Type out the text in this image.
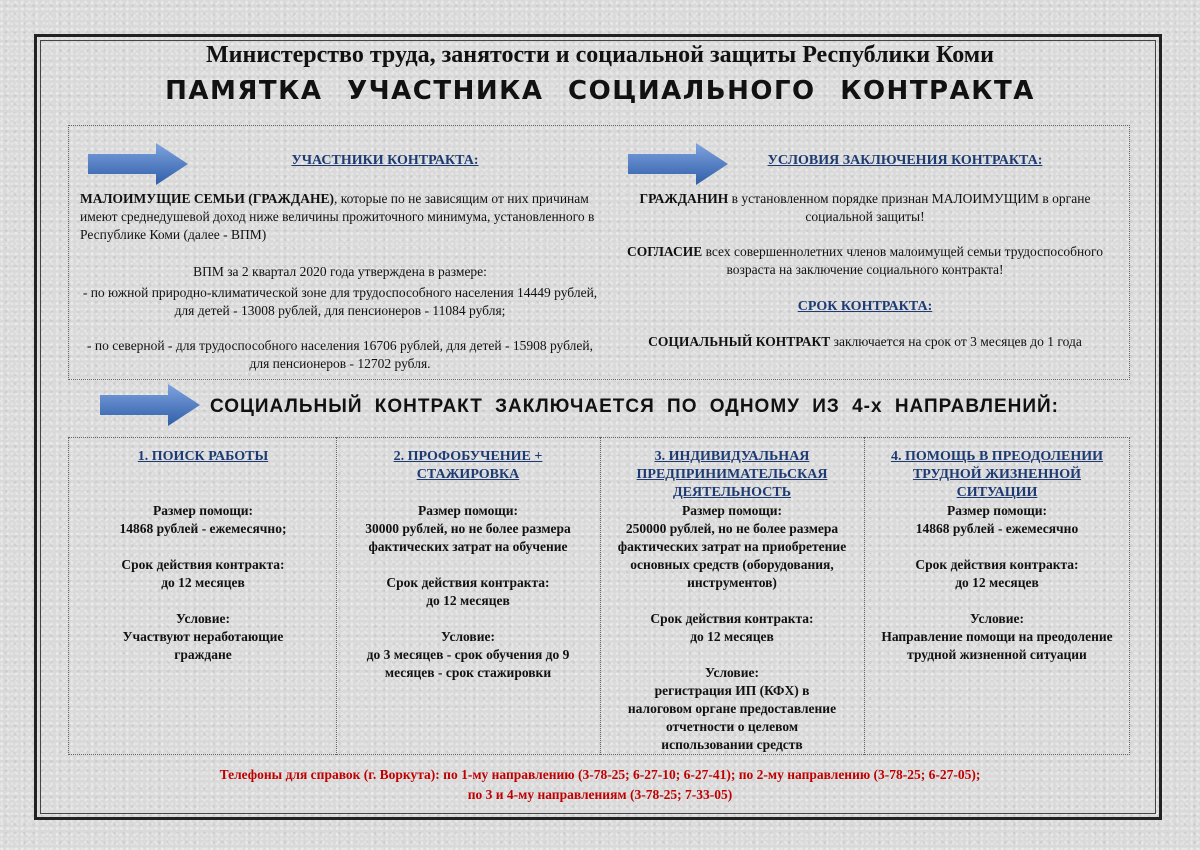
Министерство труда, занятости и социальной защиты Республики Коми
ПАМЯТКА УЧАСТНИКА СОЦИАЛЬНОГО КОНТРАКТА
УЧАСТНИКИ КОНТРАКТА:
МАЛОИМУЩИЕ СЕМЬИ (ГРАЖДАНЕ), которые по не зависящим от них причинам имеют среднедушевой доход ниже величины прожиточного минимума, установленного в Республике Коми (далее - ВПМ)
ВПМ за 2 квартал 2020 года утверждена в размере:
- по южной природно-климатической зоне для трудоспособного населения 14449 рублей, для детей - 13008 рублей, для пенсионеров - 11084 рубля;
- по северной - для трудоспособного населения 16706 рублей, для детей - 15908 рублей, для пенсионеров - 12702 рубля.
УСЛОВИЯ ЗАКЛЮЧЕНИЯ КОНТРАКТА:
ГРАЖДАНИН в установленном порядке признан МАЛОИМУЩИМ в органе социальной защиты!
СОГЛАСИЕ всех совершеннолетних членов малоимущей семьи трудоспособного возраста на заключение социального контракта!
СРОК КОНТРАКТА:
СОЦИАЛЬНЫЙ КОНТРАКТ заключается на срок от 3 месяцев до 1 года
СОЦИАЛЬНЫЙ КОНТРАКТ ЗАКЛЮЧАЕТСЯ ПО ОДНОМУ ИЗ 4-х НАПРАВЛЕНИЙ:
1. ПОИСК РАБОТЫ
Размер помощи:

14868 рублей - ежемесячно;

Срок действия контракта:

до 12 месяцев

Условие:

Участвуют неработающие граждане

2. ПРОФОБУЧЕНИЕ + СТАЖИРОВКА
Размер помощи:

30000 рублей, но не более размера фактических затрат на обучение

Срок действия контракта:

до 12 месяцев

Условие:

до 3 месяцев - срок обучения до 9 месяцев - срок стажировки

3. ИНДИВИДУАЛЬНАЯ ПРЕДПРИНИМАТЕЛЬСКАЯ ДЕЯТЕЛЬНОСТЬ
Размер помощи:

250000 рублей, но не более размера фактических затрат на приобретение основных средств (оборудования, инструментов)

Срок действия контракта:

до 12 месяцев

Условие:

регистрация ИП (КФХ) в налоговом органе предоставление отчетности о целевом использовании средств

4. ПОМОЩЬ В ПРЕОДОЛЕНИИ ТРУДНОЙ ЖИЗНЕННОЙ СИТУАЦИИ
Размер помощи:

14868 рублей - ежемесячно

Срок действия контракта:

до 12 месяцев

Условие:

Направление помощи на преодоление трудной жизненной ситуации

Телефоны для справок (г. Воркута): по 1-му направлению (3-78-25; 6-27-10; 6-27-41); по 2-му направлению (3-78-25; 6-27-05);
по 3 и 4-му направлениям (3-78-25; 7-33-05)
